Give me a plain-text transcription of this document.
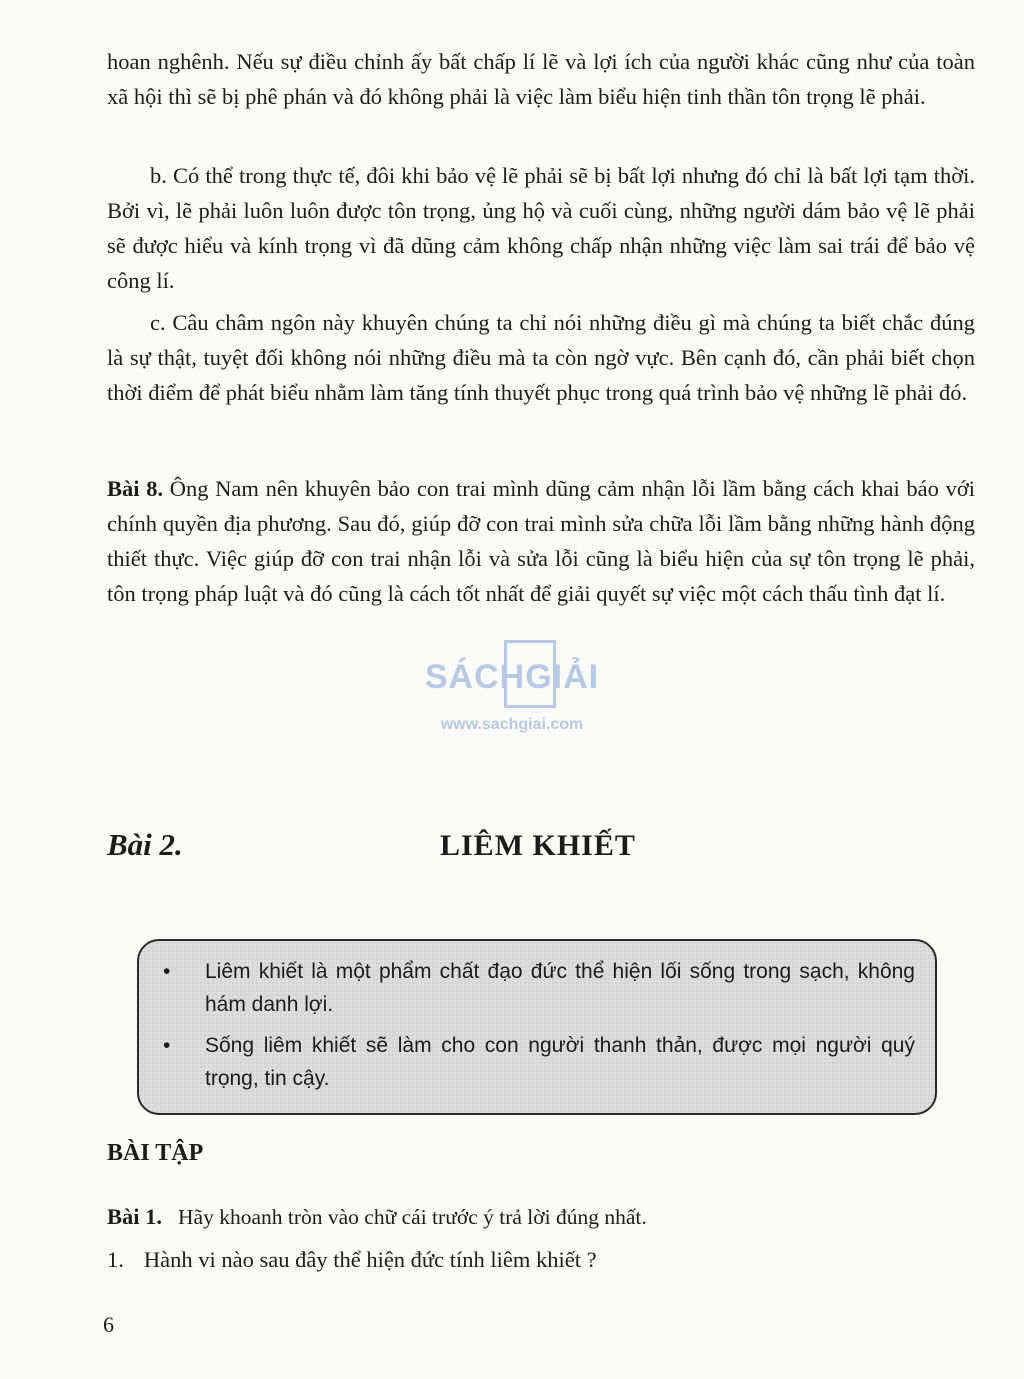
hoan nghênh. Nếu sự điều chỉnh ấy bất chấp lí lẽ và lợi ích của người khác cũng như của toàn xã hội thì sẽ bị phê phán và đó không phải là việc làm biểu hiện tinh thần tôn trọng lẽ phải.

b. Có thể trong thực tế, đôi khi bảo vệ lẽ phải sẽ bị bất lợi nhưng đó chỉ là bất lợi tạm thời. Bởi vì, lẽ phải luôn luôn được tôn trọng, ủng hộ và cuối cùng, những người dám bảo vệ lẽ phải sẽ được hiểu và kính trọng vì đã dũng cảm không chấp nhận những việc làm sai trái để bảo vệ công lí.

c. Câu châm ngôn này khuyên chúng ta chỉ nói những điều gì mà chúng ta biết chắc đúng là sự thật, tuyệt đối không nói những điều mà ta còn ngờ vực. Bên cạnh đó, cần phải biết chọn thời điểm để phát biểu nhằm làm tăng tính thuyết phục trong quá trình bảo vệ những lẽ phải đó.

Bài 8. Ông Nam nên khuyên bảo con trai mình dũng cảm nhận lỗi lầm bằng cách khai báo với chính quyền địa phương. Sau đó, giúp đỡ con trai mình sửa chữa lỗi lầm bằng những hành động thiết thực. Việc giúp đỡ con trai nhận lỗi và sửa lỗi cũng là biểu hiện của sự tôn trọng lẽ phải, tôn trọng pháp luật và đó cũng là cách tốt nhất để giải quyết sự việc một cách thấu tình đạt lí.

SÁCHGIẢI
www.sachgiai.com
Bài 2.	LIÊM KHIẾT
• Liêm khiết là một phẩm chất đạo đức thể hiện lối sống trong sạch, không hám danh lợi.
• Sống liêm khiết sẽ làm cho con người thanh thản, được mọi người quý trọng, tin cậy.
BÀI TẬP

Bài 1. Hãy khoanh tròn vào chữ cái trước ý trả lời đúng nhất.

1. Hành vi nào sau đây thể hiện đức tính liêm khiết ?

6
